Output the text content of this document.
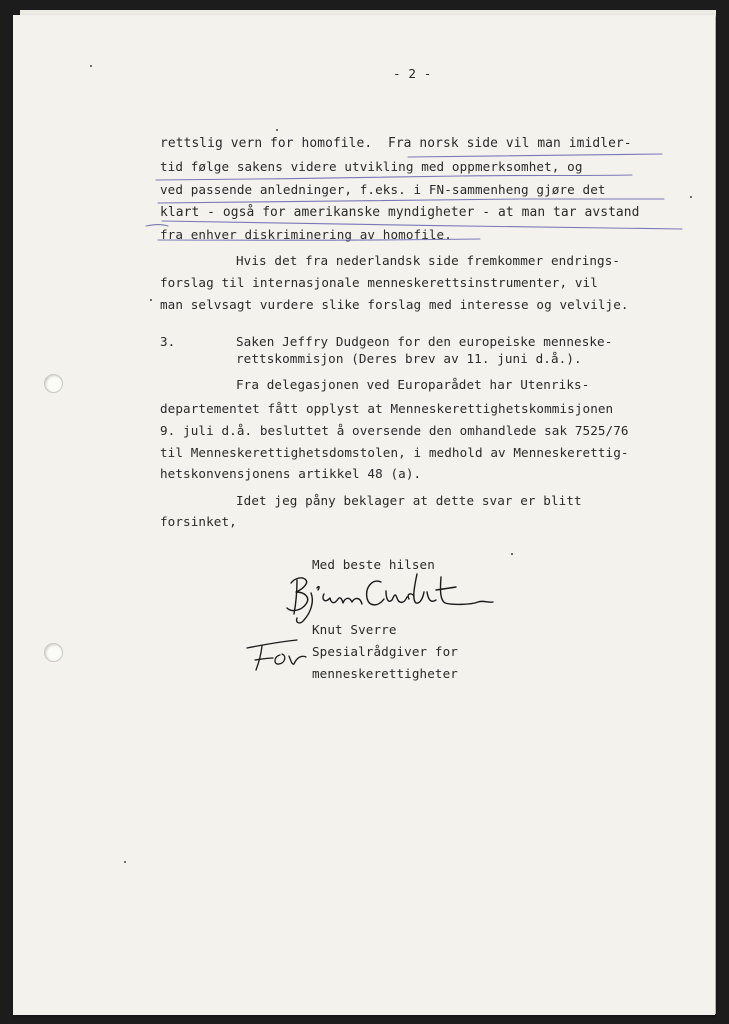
- 2 -
rettslig vern for homofile.  Fra norsk side vil man imidler-
tid følge sakens videre utvikling med oppmerksomhet, og
ved passende anledninger, f.eks. i FN-sammenheng gjøre det
klart - også for amerikanske myndigheter - at man tar avstand
fra enhver diskriminering av homofile.
Hvis det fra nederlandsk side fremkommer endrings-
forslag til internasjonale menneskerettsinstrumenter, vil
man selvsagt vurdere slike forslag med interesse og velvilje.
3.	Saken Jeffry Dudgeon for den europeiske menneske-
rettskommisjon (Deres brev av 11. juni d.å.).
Fra delegasjonen ved Europarådet har Utenriks-
departementet fått opplyst at Menneskerettighetskommisjonen
9. juli d.å. besluttet å oversende den omhandlede sak 7525/76
til Menneskerettighetsdomstolen, i medhold av Menneskerettig-
hetskonvensjonens artikkel 48 (a).
Idet jeg påny beklager at dette svar er blitt
forsinket,
Med beste hilsen
Knut Sverre
Spesialrådgiver for
menneskerettigheter
